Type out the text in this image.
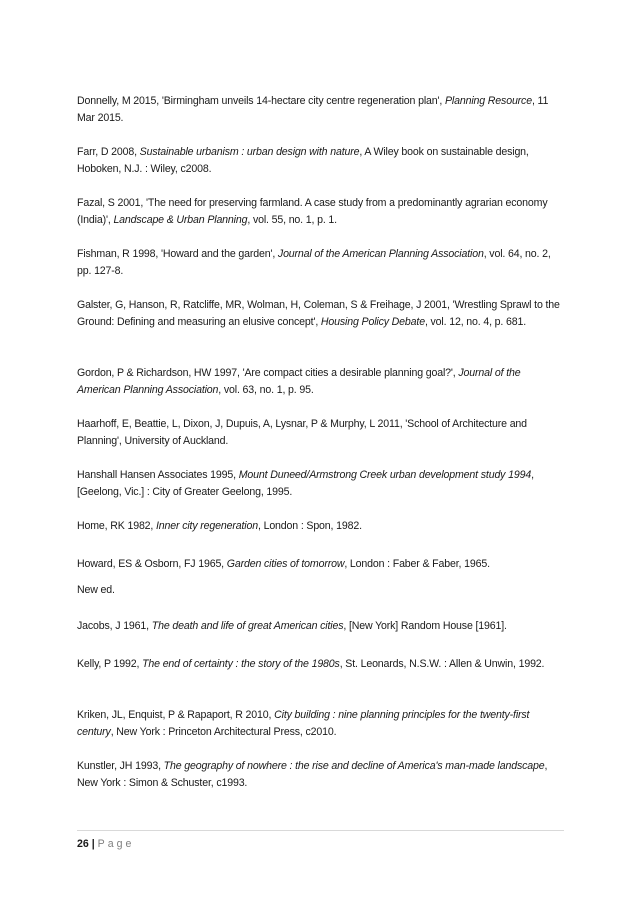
Donnelly, M 2015, 'Birmingham unveils 14-hectare city centre regeneration plan', Planning Resource, 11 Mar 2015.

Farr, D 2008, Sustainable urbanism : urban design with nature, A Wiley book on sustainable design, Hoboken, N.J. : Wiley, c2008.

Fazal, S 2001, 'The need for preserving farmland. A case study from a predominantly agrarian economy (India)', Landscape & Urban Planning, vol. 55, no. 1, p. 1.

Fishman, R 1998, 'Howard and the garden', Journal of the American Planning Association, vol. 64, no. 2, pp. 127-8.

Galster, G, Hanson, R, Ratcliffe, MR, Wolman, H, Coleman, S & Freihage, J 2001, 'Wrestling Sprawl to the Ground: Defining and measuring an elusive concept', Housing Policy Debate, vol. 12, no. 4, p. 681.

Gordon, P & Richardson, HW 1997, 'Are compact cities a desirable planning goal?', Journal of the American Planning Association, vol. 63, no. 1, p. 95.

Haarhoff, E, Beattie, L, Dixon, J, Dupuis, A, Lysnar, P & Murphy, L 2011, 'School of Architecture and Planning', University of Auckland.

Hanshall Hansen Associates 1995, Mount Duneed/Armstrong Creek urban development study 1994, [Geelong, Vic.] : City of Greater Geelong, 1995.

Home, RK 1982, Inner city regeneration, London : Spon, 1982.

Howard, ES & Osborn, FJ 1965, Garden cities of tomorrow, London : Faber & Faber, 1965.

New ed.

Jacobs, J 1961, The death and life of great American cities, [New York] Random House [1961].

Kelly, P 1992, The end of certainty : the story of the 1980s, St. Leonards, N.S.W. : Allen & Unwin, 1992.

Kriken, JL, Enquist, P & Rapaport, R 2010, City building : nine planning principles for the twenty-first century, New York : Princeton Architectural Press, c2010.

Kunstler, JH 1993, The geography of nowhere : the rise and decline of America's man-made landscape, New York : Simon & Schuster, c1993.

26 | Page
